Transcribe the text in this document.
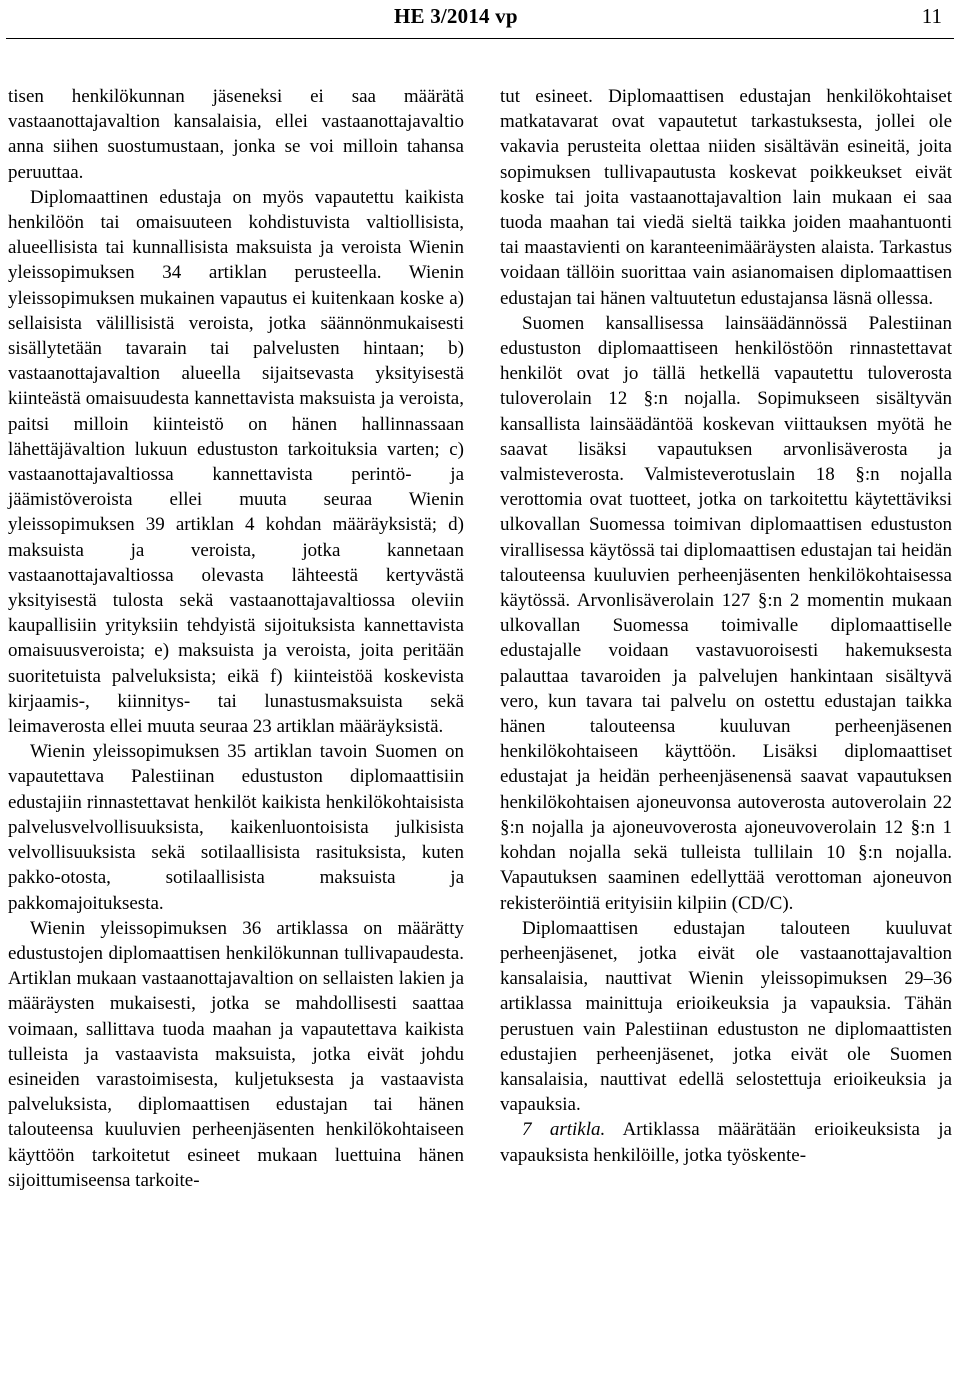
HE 3/2014 vp	11

tisen henkilökunnan jäseneksi ei saa määrätä vastaanottajavaltion kansalaisia, ellei vastaanottajavaltio anna siihen suostumustaan, jonka se voi milloin tahansa peruuttaa.

Diplomaattinen edustaja on myös vapautettu kaikista henkilöön tai omaisuuteen kohdistuvista valtiollisista, alueellisista tai kunnallisista maksuista ja veroista Wienin yleissopimuksen 34 artiklan perusteella. Wienin yleissopimuksen mukainen vapautus ei kuitenkaan koske a) sellaisista välillisistä veroista, jotka säännönmukaisesti sisällytetään tavarain tai palvelusten hintaan; b) vastaanottajavaltion alueella sijaitsevasta yksityisestä kiinteästä omaisuudesta kannettavista maksuista ja veroista, paitsi milloin kiinteistö on hänen hallinnassaan lähettäjävaltion lukuun edustuston tarkoituksia varten; c) vastaanottajavaltiossa kannettavista perintö- ja jäämistöveroista ellei muuta seuraa Wienin yleissopimuksen 39 artiklan 4 kohdan määräyksistä; d) maksuista ja veroista, jotka kannetaan vastaanottajavaltiossa olevasta lähteestä kertyvästä yksityisestä tulosta sekä vastaanottajavaltiossa oleviin kaupallisiin yrityksiin tehdyistä sijoituksista kannettavista omaisuusveroista; e) maksuista ja veroista, joita peritään suoritetuista palveluksista; eikä f) kiinteistöä koskevista kirjaamis-, kiinnitys- tai lunastusmaksuista sekä leimaverosta ellei muuta seuraa 23 artiklan määräyksistä.

Wienin yleissopimuksen 35 artiklan tavoin Suomen on vapautettava Palestiinan edustuston diplomaattisiin edustajiin rinnastettavat henkilöt kaikista henkilökohtaisista palvelusvelvollisuuksista, kaikenluontoisista julkisista velvollisuuksista sekä sotilaallisista rasituksista, kuten pakko-otosta, sotilaallisista maksuista ja pakkomajoituksesta.

Wienin yleissopimuksen 36 artiklassa on määrätty edustustojen diplomaattisen henkilökunnan tullivapaudesta. Artiklan mukaan vastaanottajavaltion on sellaisten lakien ja määräysten mukaisesti, jotka se mahdollisesti saattaa voimaan, sallittava tuoda maahan ja vapautettava kaikista tulleista ja vastaavista maksuista, jotka eivät johdu esineiden varastoimisesta, kuljetuksesta ja vastaavista palveluksista, diplomaattisen edustajan tai hänen talouteensa kuuluvien perheenjäsenten henkilökohtaiseen käyttöön tarkoitetut esineet mukaan luettuina hänen sijoittumiseensa tarkoite-

tut esineet. Diplomaattisen edustajan henkilökohtaiset matkatavarat ovat vapautetut tarkastuksesta, jollei ole vakavia perusteita olettaa niiden sisältävän esineitä, joita sopimuksen tullivapautusta koskevat poikkeukset eivät koske tai joita vastaanottajavaltion lain mukaan ei saa tuoda maahan tai viedä sieltä taikka joiden maahantuonti tai maastavienti on karanteenimääräysten alaista. Tarkastus voidaan tällöin suorittaa vain asianomaisen diplomaattisen edustajan tai hänen valtuutetun edustajansa läsnä ollessa.

Suomen kansallisessa lainsäädännössä Palestiinan edustuston diplomaattiseen henkilöstöön rinnastettavat henkilöt ovat jo tällä hetkellä vapautettu tuloverosta tuloverolain 12 §:n nojalla. Sopimukseen sisältyvän kansallista lainsäädäntöä koskevan viittauksen myötä he saavat lisäksi vapautuksen arvonlisäverosta ja valmisteverosta. Valmisteverotuslain 18 §:n nojalla verottomia ovat tuotteet, jotka on tarkoitettu käytettäviksi ulkovallan Suomessa toimivan diplomaattisen edustuston virallisessa käytössä tai diplomaattisen edustajan tai heidän talouteensa kuuluvien perheenjäsenten henkilökohtaisessa käytössä. Arvonlisäverolain 127 §:n 2 momentin mukaan ulkovallan Suomessa toimivalle diplomaattiselle edustajalle voidaan vastavuoroisesti hakemuksesta palauttaa tavaroiden ja palvelujen hankintaan sisältyvä vero, kun tavara tai palvelu on ostettu edustajan taikka hänen talouteensa kuuluvan perheenjäsenen henkilökohtaiseen käyttöön. Lisäksi diplomaattiset edustajat ja heidän perheenjäsenensä saavat vapautuksen henkilökohtaisen ajoneuvonsa autoverosta autoverolain 22 §:n nojalla ja ajoneuvoverosta ajoneuvoverolain 12 §:n 1 kohdan nojalla sekä tulleista tullilain 10 §:n nojalla. Vapautuksen saaminen edellyttää verottoman ajoneuvon rekisteröintiä erityisiin kilpiin (CD/C).

Diplomaattisen edustajan talouteen kuuluvat perheenjäsenet, jotka eivät ole vastaanottajavaltion kansalaisia, nauttivat Wienin yleissopimuksen 29–36 artiklassa mainittuja erioikeuksia ja vapauksia. Tähän perustuen vain Palestiinan edustuston ne diplomaattisten edustajien perheenjäsenet, jotka eivät ole Suomen kansalaisia, nauttivat edellä selostettuja erioikeuksia ja vapauksia.

7 artikla. Artiklassa määrätään erioikeuksista ja vapauksista henkilöille, jotka työskente-
